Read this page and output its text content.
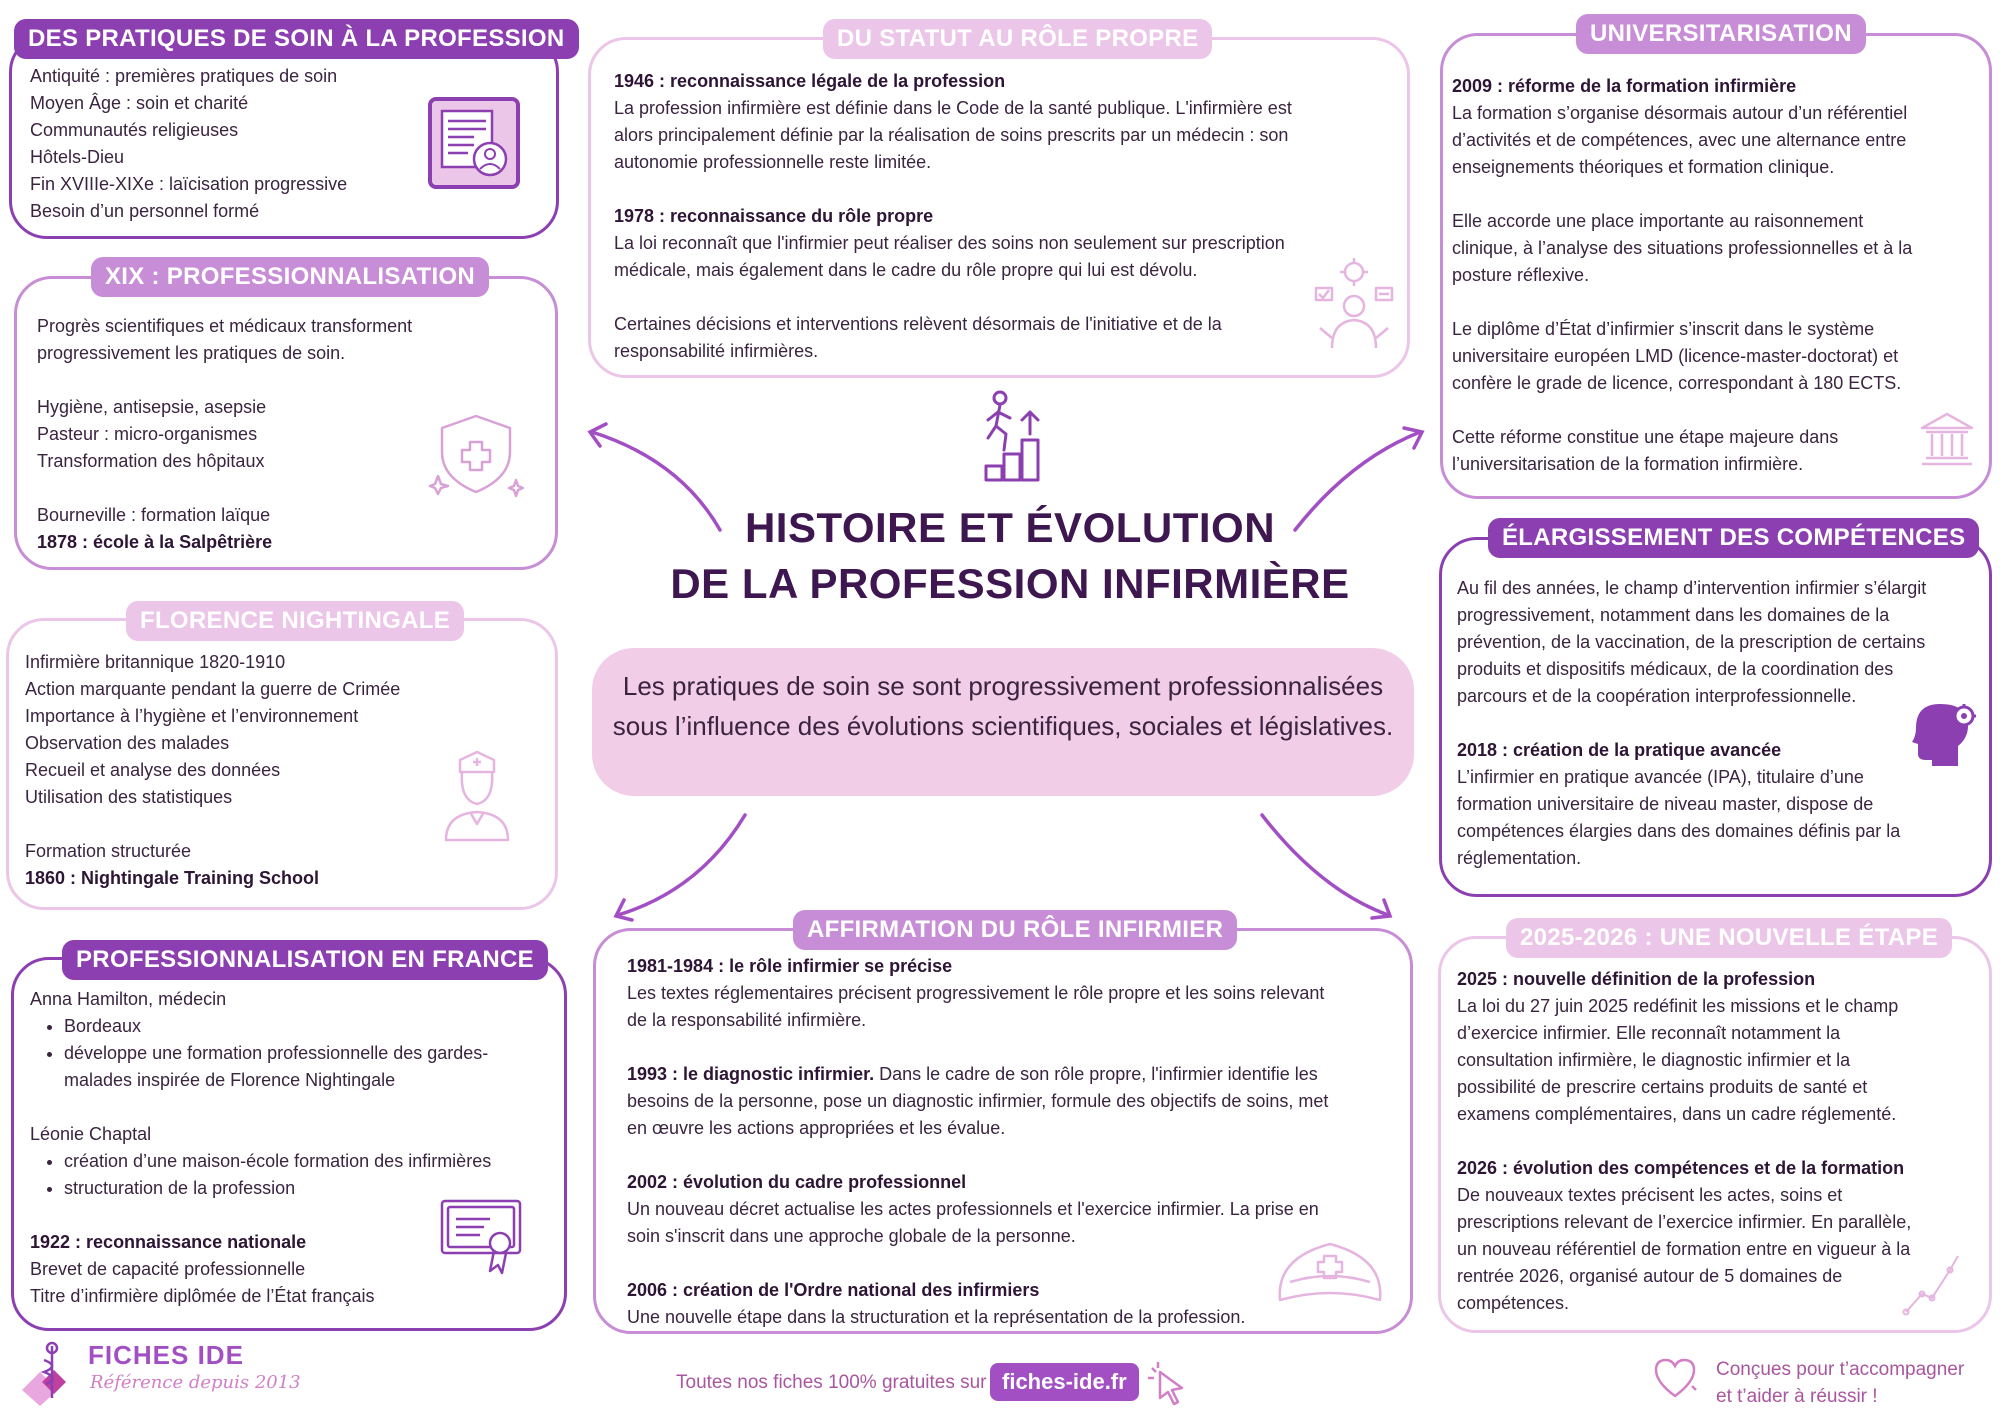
HISTOIRE ET ÉVOLUTION
DE LA PROFESSION INFIRMIÈRE
Les pratiques de soin se sont progressivement professionnalisées sous l’influence des évolutions scientifiques, sociales et législatives.
DES PRATIQUES DE SOIN À LA PROFESSION
Antiquité : premières pratiques de soin
Moyen Âge : soin et charité
Communautés religieuses
Hôtels-Dieu
Fin XVIIIe-XIXe : laïcisation progressive
Besoin d’un personnel formé
XIX : PROFESSIONNALISATION
Progrès scientifiques et médicaux transforment
progressivement les pratiques de soin.
Hygiène, antisepsie, asepsie
Pasteur : micro-organismes
Transformation des hôpitaux
Bourneville : formation laïque
1878 : école à la Salpêtrière
FLORENCE NIGHTINGALE
Infirmière britannique 1820-1910
Action marquante pendant la guerre de Crimée
Importance à l’hygiène et l’environnement
Observation des malades
Recueil et analyse des données
Utilisation des statistiques
Formation structurée
1860 : Nightingale Training School
PROFESSIONNALISATION EN FRANCE
Anna Hamilton, médecin
• Bordeaux
• développe une formation professionnelle des gardes-malades inspirée de Florence Nightingale
Léonie Chaptal
• création d’une maison-école formation des infirmières
• structuration de la profession
1922 : reconnaissance nationale
Brevet de capacité professionnelle
Titre d’infirmière diplômée de l’État français
DU STATUT AU RÔLE PROPRE
1946 : reconnaissance légale de la profession
La profession infirmière est définie dans le Code de la santé publique. L'infirmière est
alors principalement définie par la réalisation de soins prescrits par un médecin : son
autonomie professionnelle reste limitée.
1978 : reconnaissance du rôle propre
La loi reconnaît que l'infirmier peut réaliser des soins non seulement sur prescription
médicale, mais également dans le cadre du rôle propre qui lui est dévolu.
Certaines décisions et interventions relèvent désormais de l'initiative et de la
responsabilité infirmières.
AFFIRMATION DU RÔLE INFIRMIER
1981-1984 : le rôle infirmier se précise
Les textes réglementaires précisent progressivement le rôle propre et les soins relevant
de la responsabilité infirmière.
1993 : le diagnostic infirmier. Dans le cadre de son rôle propre, l'infirmier identifie les
besoins de la personne, pose un diagnostic infirmier, formule des objectifs de soins, met
en œuvre les actions appropriées et les évalue.
2002 : évolution du cadre professionnel
Un nouveau décret actualise les actes professionnels et l'exercice infirmier. La prise en
soin s'inscrit dans une approche globale de la personne.
2006 : création de l'Ordre national des infirmiers
Une nouvelle étape dans la structuration et la représentation de la profession.
UNIVERSITARISATION
2009 : réforme de la formation infirmière
La formation s’organise désormais autour d’un référentiel
d’activités et de compétences, avec une alternance entre
enseignements théoriques et formation clinique.
Elle accorde une place importante au raisonnement
clinique, à l’analyse des situations professionnelles et à la
posture réflexive.
Le diplôme d’État d’infirmier s’inscrit dans le système
universitaire européen LMD (licence-master-doctorat) et
confère le grade de licence, correspondant à 180 ECTS.
Cette réforme constitue une étape majeure dans
l’universitarisation de la formation infirmière.
ÉLARGISSEMENT DES COMPÉTENCES
Au fil des années, le champ d’intervention infirmier s’élargit
progressivement, notamment dans les domaines de la
prévention, de la vaccination, de la prescription de certains
produits et dispositifs médicaux, de la coordination des
parcours et de la coopération interprofessionnelle.
2018 : création de la pratique avancée
L’infirmier en pratique avancée (IPA), titulaire d’une
formation universitaire de niveau master, dispose de
compétences élargies dans des domaines définis par la
réglementation.
2025-2026 : UNE NOUVELLE ÉTAPE
2025 : nouvelle définition de la profession
La loi du 27 juin 2025 redéfinit les missions et le champ
d’exercice infirmier. Elle reconnaît notamment la
consultation infirmière, le diagnostic infirmier et la
possibilité de prescrire certains produits de santé et
examens complémentaires, dans un cadre réglementé.
2026 : évolution des compétences et de la formation
De nouveaux textes précisent les actes, soins et
prescriptions relevant de l’exercice infirmier. En parallèle,
un nouveau référentiel de formation entre en vigueur à la
rentrée 2026, organisé autour de 5 domaines de
compétences.
FICHES IDE
Référence depuis 2013	Toutes nos fiches 100% gratuites sur fiches-ide.fr	Conçues pour t’accompagner
et t’aider à réussir !
